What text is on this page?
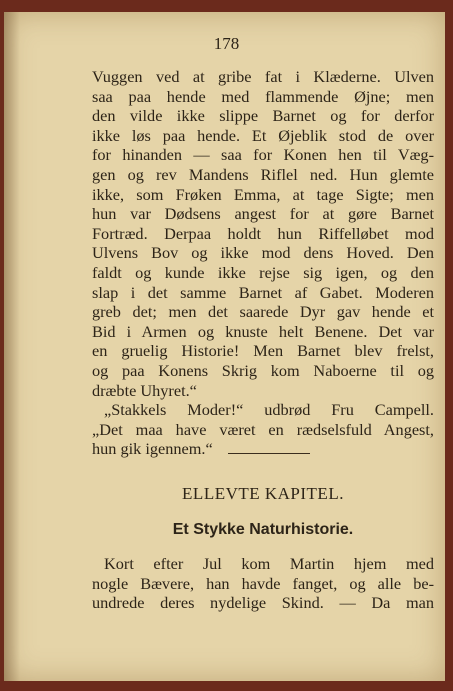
178
Vuggen ved at gribe fat i Klæderne. Ulven
saa paa hende med flammende Øjne; men
den vilde ikke slippe Barnet og for derfor
ikke løs paa hende. Et Øjeblik stod de over
for hinanden — saa for Konen hen til Væg-
gen og rev Mandens Riflel ned. Hun glemte
ikke, som Frøken Emma, at tage Sigte; men
hun var Dødsens angest for at gøre Barnet
Fortræd. Derpaa holdt hun Riffelløbet mod
Ulvens Bov og ikke mod dens Hoved. Den
faldt og kunde ikke rejse sig igen, og den
slap i det samme Barnet af Gabet. Moderen
greb det; men det saarede Dyr gav hende et
Bid i Armen og knuste helt Benene. Det var
en gruelig Historie! Men Barnet blev frelst,
og paa Konens Skrig kom Naboerne til og
dræbte Uhyret.“
„Stakkels Moder!“ udbrød Fru Campell.
„Det maa have været en rædselsfuld Angest,
hun gik igennem.“
ELLEVTE KAPITEL.
Et Stykke Naturhistorie.
Kort efter Jul kom Martin hjem med
nogle Bævere, han havde fanget, og alle be-
undrede deres nydelige Skind. — Da man
